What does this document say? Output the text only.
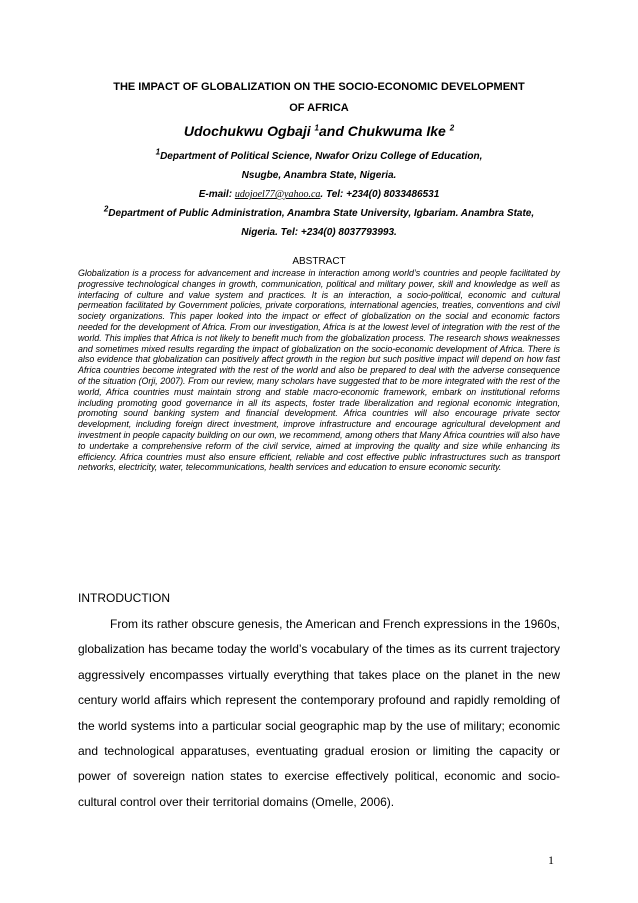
THE IMPACT OF GLOBALIZATION ON THE SOCIO-ECONOMIC DEVELOPMENT
OF AFRICA
Udochukwu Ogbaji $^1$and Chukwuma Ike $^2$
$^1$Department of Political Science, Nwafor Orizu College of Education,
Nsugbe, Anambra State, Nigeria.
E-mail: udojoel77@yahoo.ca. Tel: +234(0) 8033486531
$^2$Department of Public Administration, Anambra State University, Igbariam. Anambra State,
Nigeria. Tel: +234(0) 8037793993.
ABSTRACT
Globalization is a process for advancement and increase in interaction among world’s countries and people facilitated by progressive technological changes in growth, communication, political and military power, skill and knowledge as well as interfacing of culture and value system and practices. It is an interaction, a socio-political, economic and cultural permeation facilitated by Government policies, private corporations, international agencies, treaties, conventions and civil society organizations. This paper looked into the impact or effect of globalization on the social and economic factors needed for the development of Africa. From our investigation, Africa is at the lowest level of integration with the rest of the world. This implies that Africa is not likely to benefit much from the globalization process. The research shows weaknesses and sometimes mixed results regarding the impact of globalization on the socio-economic development of Africa. There is also evidence that globalization can positively affect growth in the region but such positive impact will depend on how fast Africa countries become integrated with the rest of the world and also be prepared to deal with the adverse consequence of the situation (Orji, 2007). From our review, many scholars have suggested that to be more integrated with the rest of the world, Africa countries must maintain strong and stable macro-economic framework, embark on institutional reforms including promoting good governance in all its aspects, foster trade liberalization and regional economic integration, promoting sound banking system and financial development. Africa countries will also encourage private sector development, including foreign direct investment, improve infrastructure and encourage agricultural development and investment in people capacity building on our own, we recommend, among others that Many Africa countries will also have to undertake a comprehensive reform of the civil service, aimed at improving the quality and size while enhancing its efficiency. Africa countries must also ensure efficient, reliable and cost effective public infrastructures such as transport networks, electricity, water, telecommunications, health services and education to ensure economic security.
INTRODUCTION
From its rather obscure genesis, the American and French expressions in the 1960s, globalization has became today the world’s vocabulary of the times as its current trajectory aggressively encompasses virtually everything that takes place on the planet in the new century world affairs which represent the contemporary profound and rapidly remolding of the world systems into a particular social geographic map by the use of military; economic and technological apparatuses, eventuating gradual erosion or limiting the capacity or power of sovereign nation states to exercise effectively political, economic and socio-cultural control over their territorial domains (Omelle, 2006).
1
